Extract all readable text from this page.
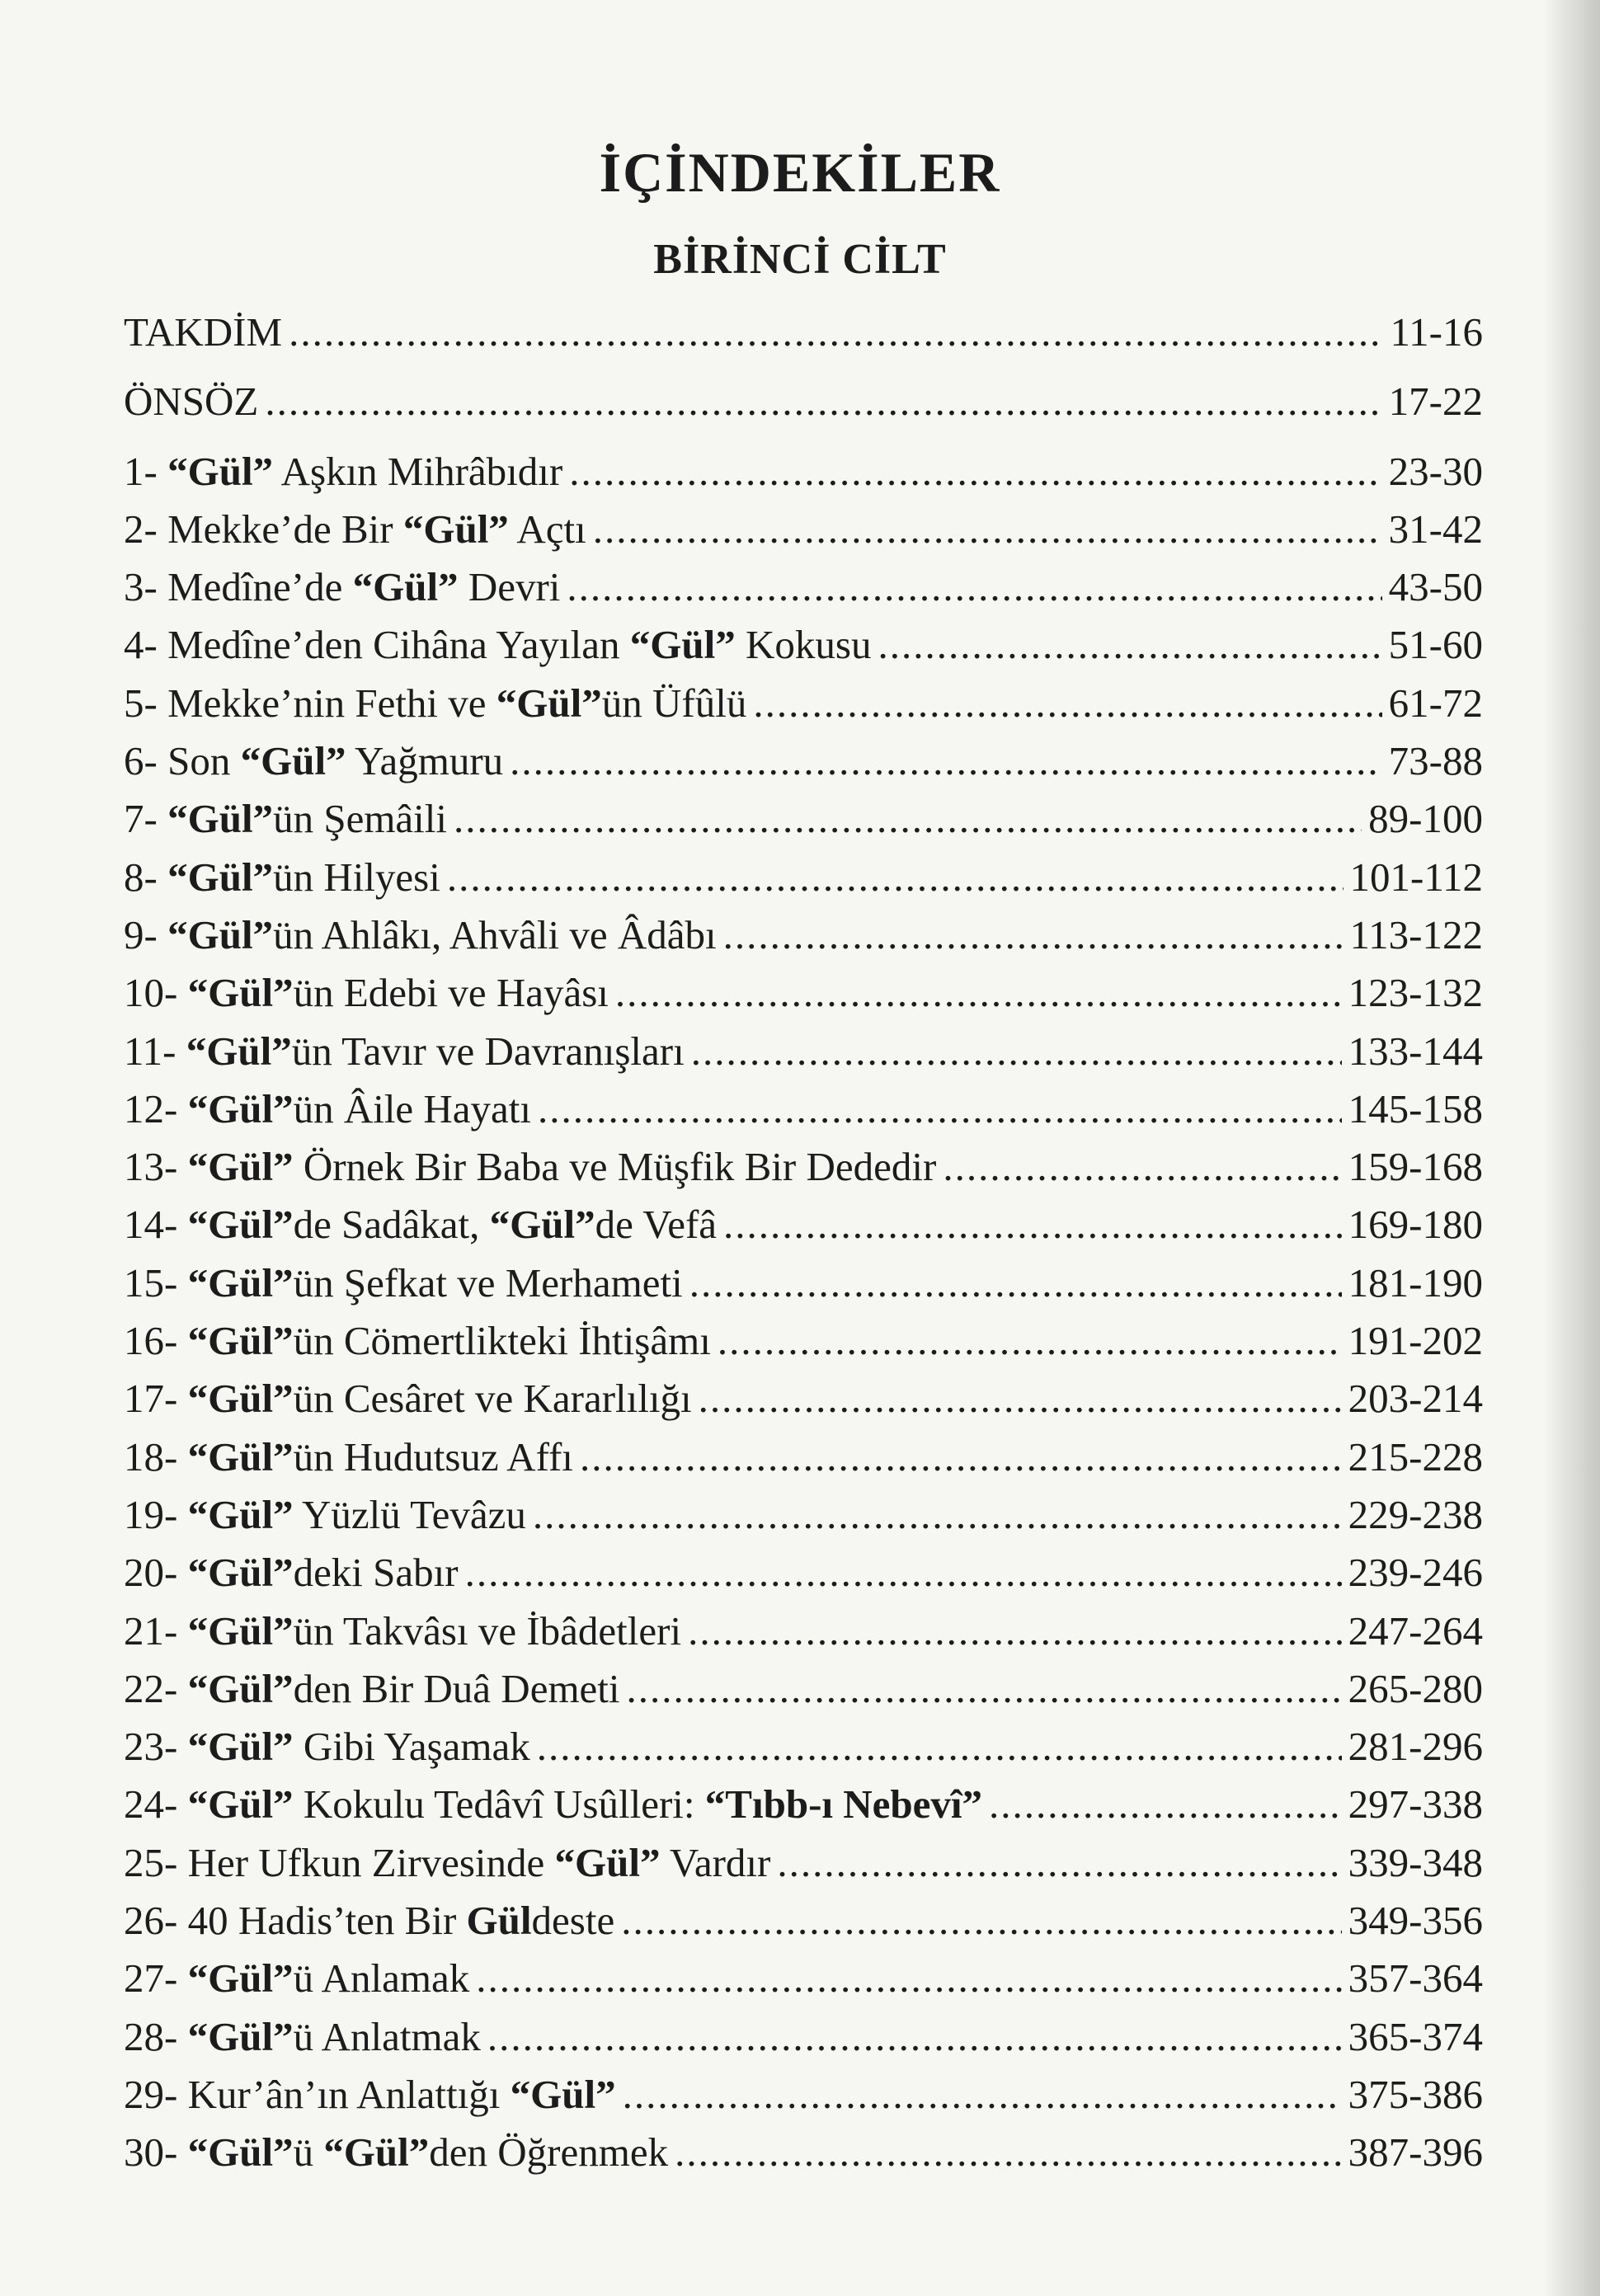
İÇİNDEKİLER
BİRİNCİ CİLT
TAKDİM .....	11-16
ÖNSÖZ .....	17-22
1- “Gül” Aşkın Mihrâbıdır .....	23-30
2- Mekke’de Bir “Gül” Açtı .....	31-42
3- Medîne’de “Gül” Devri .....	43-50
4- Medîne’den Cihâna Yayılan “Gül” Kokusu .....	51-60
5- Mekke’nin Fethi ve “Gül”ün Üfûlü .....	61-72
6- Son “Gül” Yağmuru .....	73-88
7- “Gül”ün Şemâili .....	89-100
8- “Gül”ün Hilyesi .....	101-112
9- “Gül”ün Ahlâkı, Ahvâli ve Âdâbı .....	113-122
10- “Gül”ün Edebi ve Hayâsı .....	123-132
11- “Gül”ün Tavır ve Davranışları .....	133-144
12- “Gül”ün Âile Hayatı .....	145-158
13- “Gül” Örnek Bir Baba ve Müşfik Bir Dededir .....	159-168
14- “Gül”de Sadâkat, “Gül”de Vefâ .....	169-180
15- “Gül”ün Şefkat ve Merhameti .....	181-190
16- “Gül”ün Cömertlikteki İhtişâmı .....	191-202
17- “Gül”ün Cesâret ve Kararlılığı .....	203-214
18- “Gül”ün Hudutsuz Affı .....	215-228
19- “Gül” Yüzlü Tevâzu .....	229-238
20- “Gül”deki Sabır .....	239-246
21- “Gül”ün Takvâsı ve İbâdetleri .....	247-264
22- “Gül”den Bir Duâ Demeti .....	265-280
23- “Gül” Gibi Yaşamak .....	281-296
24- “Gül” Kokulu Tedâvî Usûlleri: “Tıbb-ı Nebevî” .....	297-338
25- Her Ufkun Zirvesinde “Gül” Vardır .....	339-348
26- 40 Hadis’ten Bir Güldeste .....	349-356
27- “Gül”ü Anlamak .....	357-364
28- “Gül”ü Anlatmak .....	365-374
29- Kur’ân’ın Anlattığı “Gül” .....	375-386
30- “Gül”ü “Gül”den Öğrenmek .....	387-396
